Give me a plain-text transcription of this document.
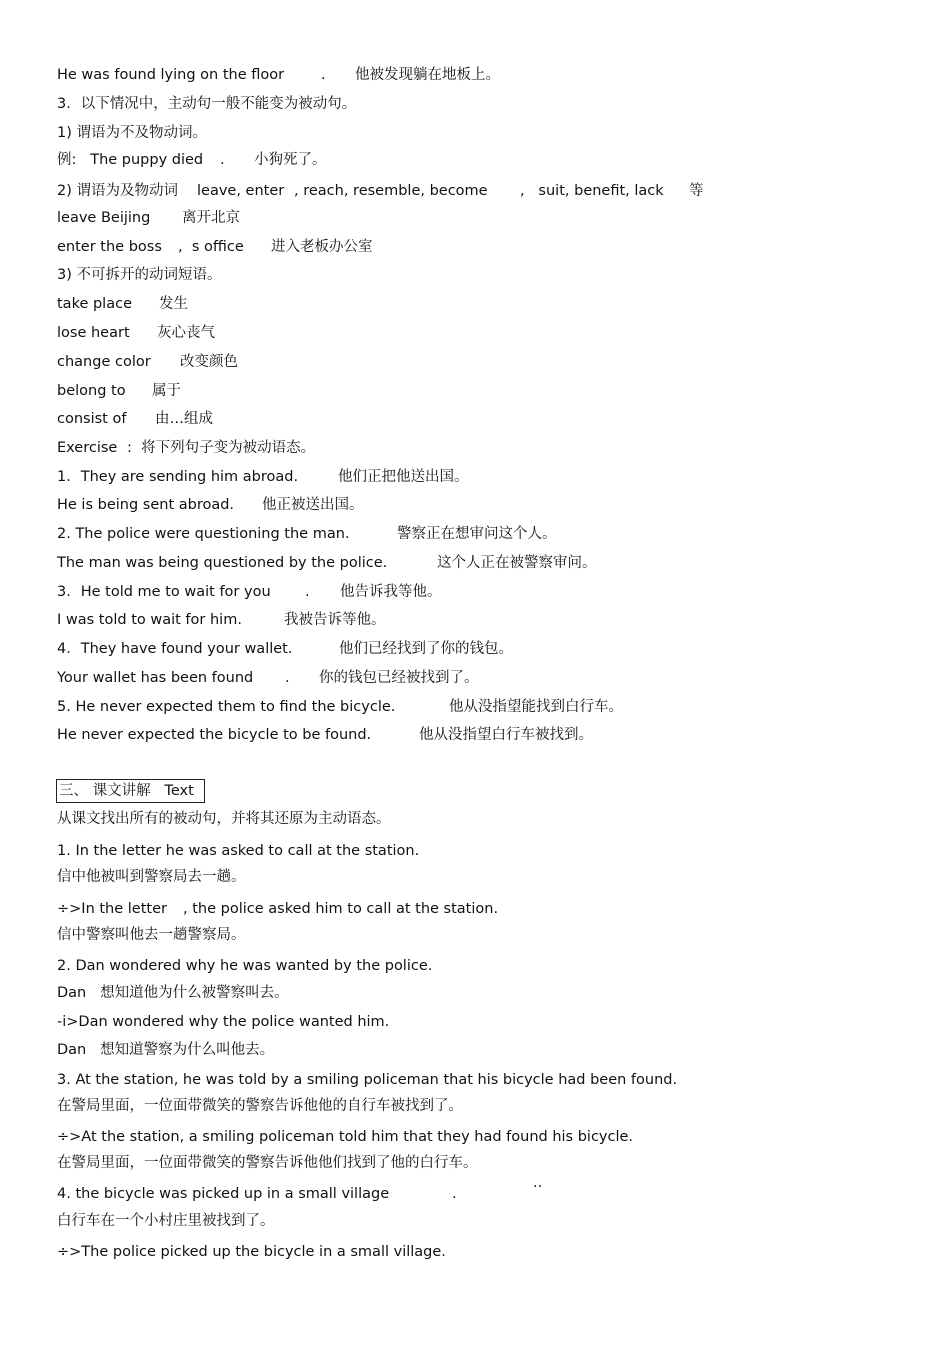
He was found lying on the floor	. 他被发现躺在地板上。
3．以下情况中，主动句一般不能变为被动句。
1) 谓语为不及物动词。
例:   The puppy died . 小狗死了。
2) 谓语为及物动词 leave, enter , reach, resemble, become ,   suit, benefit, lack 等
leave Beijing 离开北京
enter the boss ,  s office 进入老板办公室
3) 不可拆开的动词短语。
take place 发生
lose heart 灰心丧气
change color 改变颜色
belong to 属于
consist of 由…组成
Exercise :  将下列句子变为被动语态。
1．They are sending him abroad.	他们正把他送出国。
He is being sent abroad. 他正被送出国。
2. The police were questioning the man.	警察正在想审问这个人。
The man was being questioned by the police.	这个人正在被警察审问。
3．He told me to wait for you . 他告诉我等他。
I was told to wait for him.	我被告诉等他。
4．They have found your wallet.	他们已经找到了你的钱包。
Your wallet has been found . 你的钱包已经被找到了。
5. He never expected them to find the bicycle.	他从没指望能找到白行车。
He never expected the bicycle to be found.	他从没指望白行车被找到。
三、 课文讲解   Text
从课文找出所有的被动句，并将其还原为主动语态。
1. In the letter he was asked to call at the station.
信中他被叫到警察局去一趟。
÷>In the letter , the police asked him to call at the station.
信中警察叫他去一趟警察局。
2. Dan wondered why he was wanted by the police.
Dan   想知道他为什么被警察叫去。
-i>Dan wondered why the police wanted him.
Dan   想知道警察为什么叫他去。
3. At the station, he was told by a smiling policeman that his bicycle had been found.
在警局里面，一位面带微笑的警察告诉他他的自行车被找到了。
÷>At the station, a smiling policeman told him that they had found his bicycle.
在警局里面，一位面带微笑的警察告诉他他们找到了他的白行车。
4. the bicycle was picked up in a small village	.	··
白行车在一个小村庄里被找到了。
÷>The police picked up the bicycle in a small village.
